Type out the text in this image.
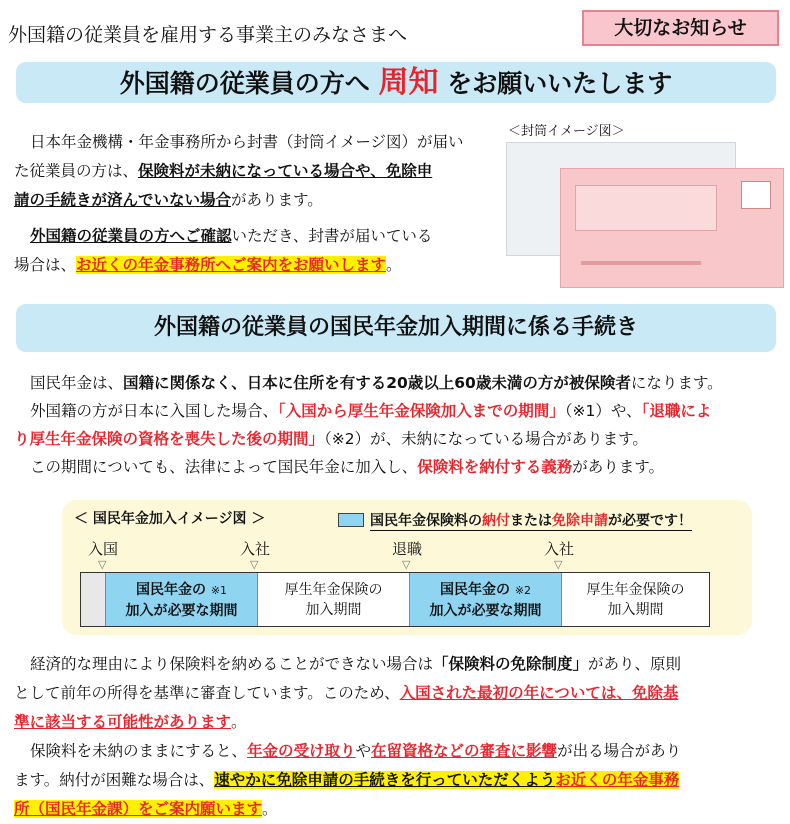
外国籍の従業員を雇用する事業主のみなさまへ	大切なお知らせ
外国籍の従業員の方へ 周知 をお願いいたします
日本年金機構・年金事務所から封書（封筒イメージ図）が届い
た従業員の方は、保険料が未納になっている場合や、免除申
請の手続きが済んでいない場合があります。
外国籍の従業員の方へご確認いただき、封書が届いている
場合は、お近くの年金事務所へご案内をお願いします。
＜封筒イメージ図＞
外国籍の従業員の国民年金加入期間に係る手続き
国民年金は、国籍に関係なく、日本に住所を有する20歳以上60歳未満の方が被保険者になります。
外国籍の方が日本に入国した場合、「入国から厚生年金保険加入までの期間」（※1）や、「退職によ
り厚生年金保険の資格を喪失した後の期間」（※2）が、未納になっている場合があります。
この期間についても、法律によって国民年金に加入し、保険料を納付する義務があります。
＜ 国民年金加入イメージ図 ＞	国民年金保険料の納付または免除申請が必要です！
入国	入社	退職	入社
▽	▽	▽	▽
国民年金の ※1
加入が必要な期間
厚生年金保険の
加入期間
国民年金の ※2
加入が必要な期間
厚生年金保険の
加入期間
経済的な理由により保険料を納めることができない場合は「保険料の免除制度」があり、原則
として前年の所得を基準に審査しています。このため、入国された最初の年については、免除基
準に該当する可能性があります。
保険料を未納のままにすると、年金の受け取りや在留資格などの審査に影響が出る場合があり
ます。納付が困難な場合は、速やかに免除申請の手続きを行っていただくようお近くの年金事務
所（国民年金課）をご案内願います。
